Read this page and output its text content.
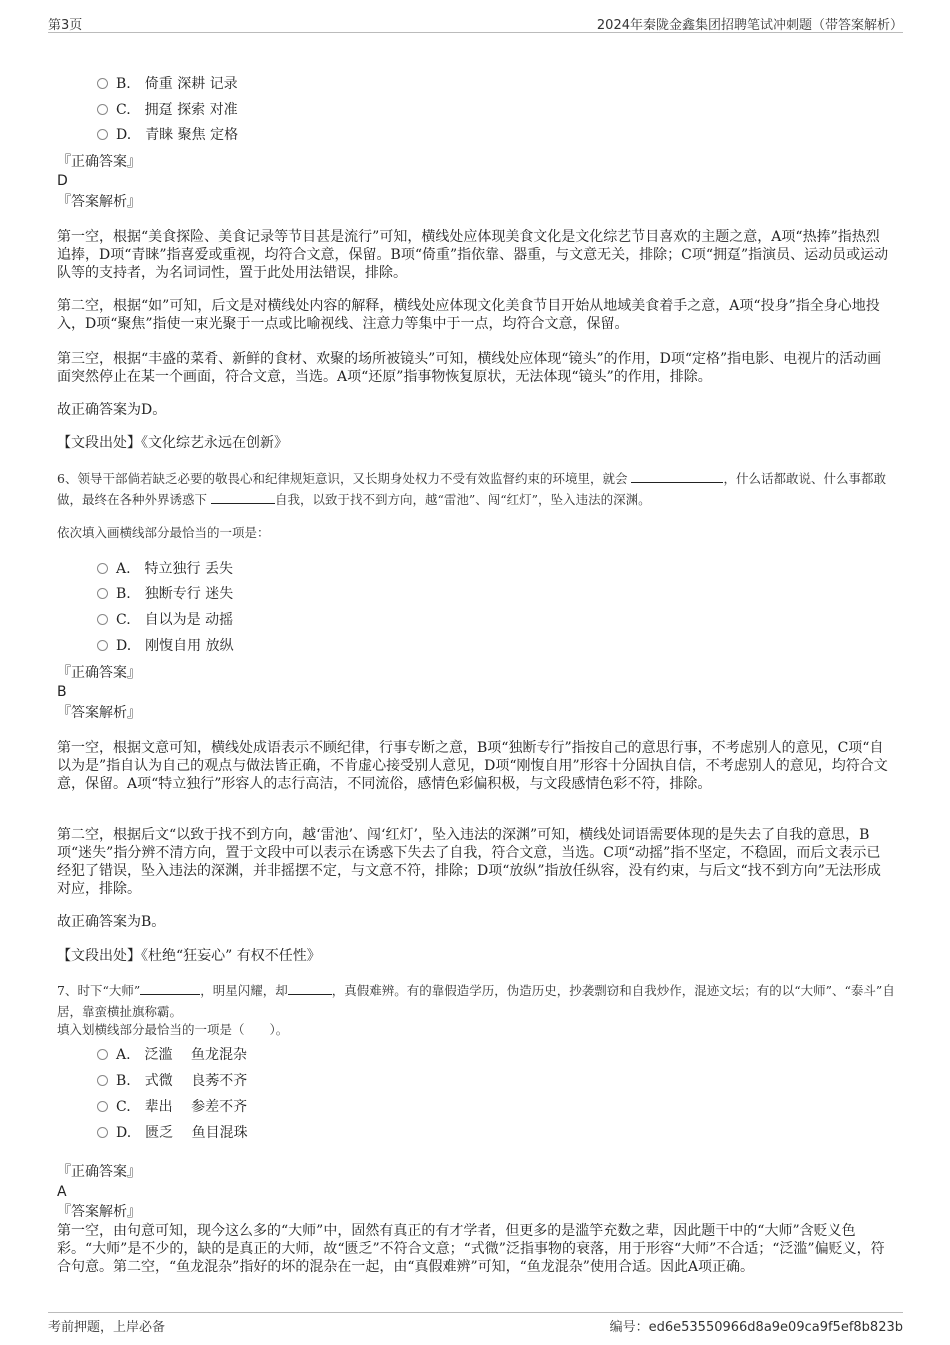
第3页	2024年秦陇金鑫集团招聘笔试冲刺题（带答案解析）
B.　倚重 深耕 记录
C.　拥趸 探索 对准
D.　青睐 聚焦 定格
『正确答案』
D
『答案解析』
第一空，根据“美食探险、美食记录等节目甚是流行”可知，横线处应体现美食文化是文化综艺节目喜欢的主题之意，A项“热捧”指热烈追捧，D项“青睐”指喜爱或重视，均符合文意，保留。B项“倚重”指依靠、器重，与文意无关，排除；C项“拥趸”指演员、运动员或运动队等的支持者，为名词词性，置于此处用法错误，排除。
第二空，根据“如”可知，后文是对横线处内容的解释，横线处应体现文化美食节目开始从地域美食着手之意，A项“投身”指全身心地投入，D项“聚焦”指使一束光聚于一点或比喻视线、注意力等集中于一点，均符合文意，保留。
第三空，根据“丰盛的菜肴、新鲜的食材、欢聚的场所被镜头”可知，横线处应体现“镜头”的作用，D项“定格”指电影、电视片的活动画面突然停止在某一个画面，符合文意，当选。A项“还原”指事物恢复原状，无法体现“镜头”的作用，排除。
故正确答案为D。
【文段出处】《文化综艺永远在创新》
6、领导干部倘若缺乏必要的敬畏心和纪律规矩意识，又长期身处权力不受有效监督约束的环境里，就会	，什么话都敢说、什么事都敢做，最终在各种外界诱惑下	自我，以致于找不到方向，越“雷池”、闯“红灯”，坠入违法的深渊。
依次填入画横线部分最恰当的一项是：
A.　特立独行 丢失
B.　独断专行 迷失
C.　自以为是 动摇
D.　刚愎自用 放纵
『正确答案』
B
『答案解析』
第一空，根据文意可知，横线处成语表示不顾纪律，行事专断之意，B项“独断专行”指按自己的意思行事，不考虑别人的意见，C项“自以为是”指自认为自己的观点与做法皆正确，不肯虚心接受别人意见，D项“刚愎自用”形容十分固执自信，不考虑别人的意见，均符合文意，保留。A项“特立独行”形容人的志行高洁，不同流俗，感情色彩偏积极，与文段感情色彩不符，排除。
第二空，根据后文“以致于找不到方向，越‘雷池’、闯‘红灯’，坠入违法的深渊”可知，横线处词语需要体现的是失去了自我的意思，B项“迷失”指分辨不清方向，置于文段中可以表示在诱惑下失去了自我，符合文意，当选。C项“动摇”指不坚定，不稳固，而后文表示已经犯了错误，坠入违法的深渊，并非摇摆不定，与文意不符，排除；D项“放纵”指放任纵容，没有约束，与后文“找不到方向”无法形成对应，排除。
故正确答案为B。
【文段出处】《杜绝“狂妄心” 有权不任性》
7、时下“大师”	，明星闪耀，却	，真假难辨。有的靠假造学历，伪造历史，抄袭剽窃和自我炒作，混迹文坛；有的以“大师”、“泰斗”自居，靠蛮横扯旗称霸。
填入划横线部分最恰当的一项是（　　）。
A.　泛滥　 鱼龙混杂
B.　式微　 良莠不齐
C.　辈出　 参差不齐
D.　匮乏　 鱼目混珠
『正确答案』
A
『答案解析』
第一空，由句意可知，现今这么多的“大师”中，固然有真正的有才学者，但更多的是滥竽充数之辈，因此题干中的“大师”含贬义色彩。“大师”是不少的，缺的是真正的大师，故“匮乏”不符合文意；“式微”泛指事物的衰落，用于形容“大师”不合适；“泛滥”偏贬义，符合句意。第二空，“鱼龙混杂”指好的坏的混杂在一起，由“真假难辨”可知，“鱼龙混杂”使用合适。因此A项正确。
考前押题，上岸必备	编号：ed6e53550966d8a9e09ca9f5ef8b823b
